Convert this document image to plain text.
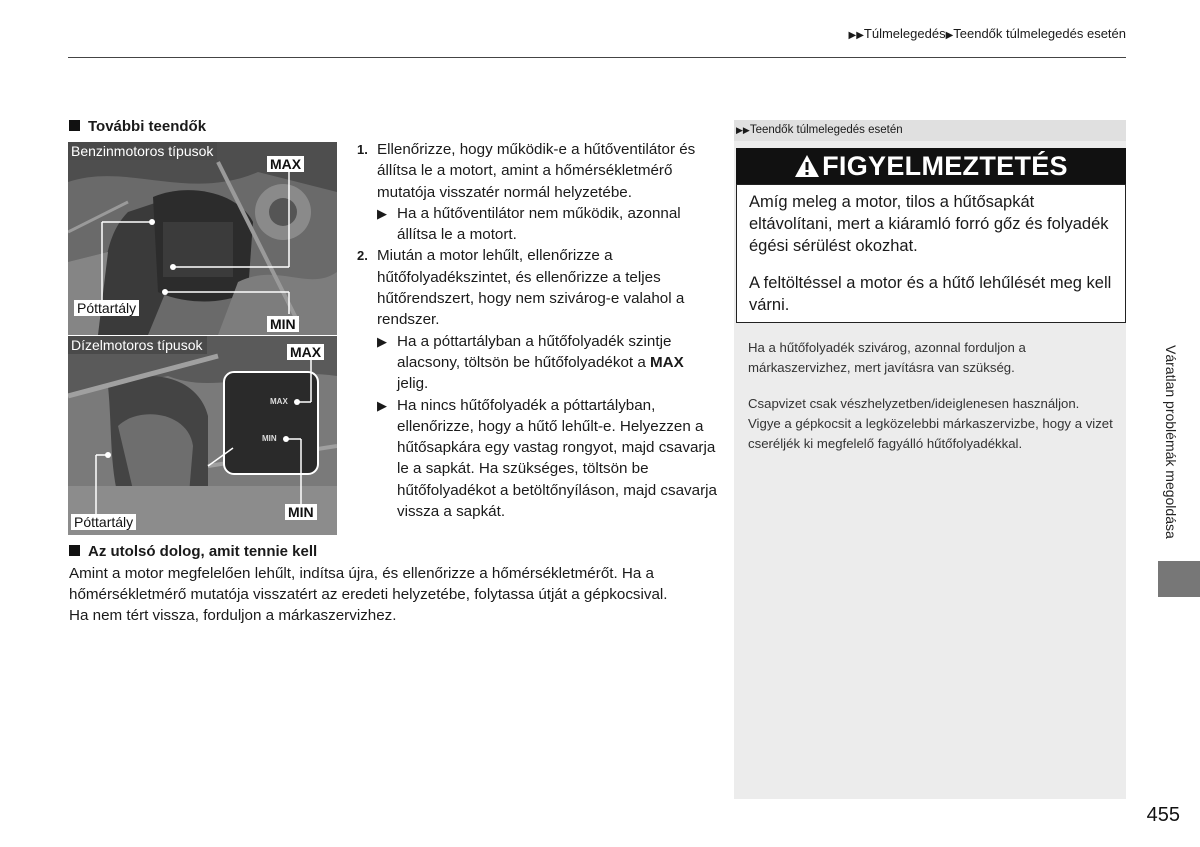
▶▶Túlmelegedés▶Teendők túlmelegedés esetén
További teendők
Benzinmotoros típusok
MAX
Póttartály
MIN
Dízelmotoros típusok	MAX
MAX
MIN
Póttartály
MIN
1. Ellenőrizze, hogy működik-e a hűtőventilátor és állítsa le a motort, amint a hőmérsékletmérő mutatója visszatér normál helyzetébe.
▶ Ha a hűtőventilátor nem működik, azonnal állítsa le a motort.
2. Miután a motor lehűlt, ellenőrizze a hűtőfolyadékszintet, és ellenőrizze a teljes hűtőrendszert, hogy nem szivárog-e valahol a rendszer.
▶ Ha a póttartályban a hűtőfolyadék szintje alacsony, töltsön be hűtőfolyadékot a MAX jelig.
▶ Ha nincs hűtőfolyadék a póttartályban, ellenőrizze, hogy a hűtő lehűlt-e. Helyezzen a hűtősapkára egy vastag rongyot, majd csavarja le a sapkát. Ha szükséges, töltsön be hűtőfolyadékot a betöltőnyíláson, majd csavarja vissza a sapkát.
Az utolsó dolog, amit tennie kell
Amint a motor megfelelően lehűlt, indítsa újra, és ellenőrizze a hőmérsékletmérőt. Ha a hőmérsékletmérő mutatója visszatért az eredeti helyzetébe, folytassa útját a gépkocsival. Ha nem tért vissza, forduljon a márkaszervizhez.
▶▶Teendők túlmelegedés esetén
FIGYELMEZTETÉS

Amíg meleg a motor, tilos a hűtősapkát eltávolítani, mert a kiáramló forró gőz és folyadék égési sérülést okozhat.

A feltöltéssel a motor és a hűtő lehűlését meg kell várni.

Ha a hűtőfolyadék szivárog, azonnal forduljon a márkaszervizhez, mert javításra van szükség.

Csapvizet csak vészhelyzetben/ideiglenesen használjon. Vigye a gépkocsit a legközelebbi márkaszervizbe, hogy a vizet cseréljék ki megfelelő fagyálló hűtőfolyadékkal.	Váratlan problémák megoldása
455
